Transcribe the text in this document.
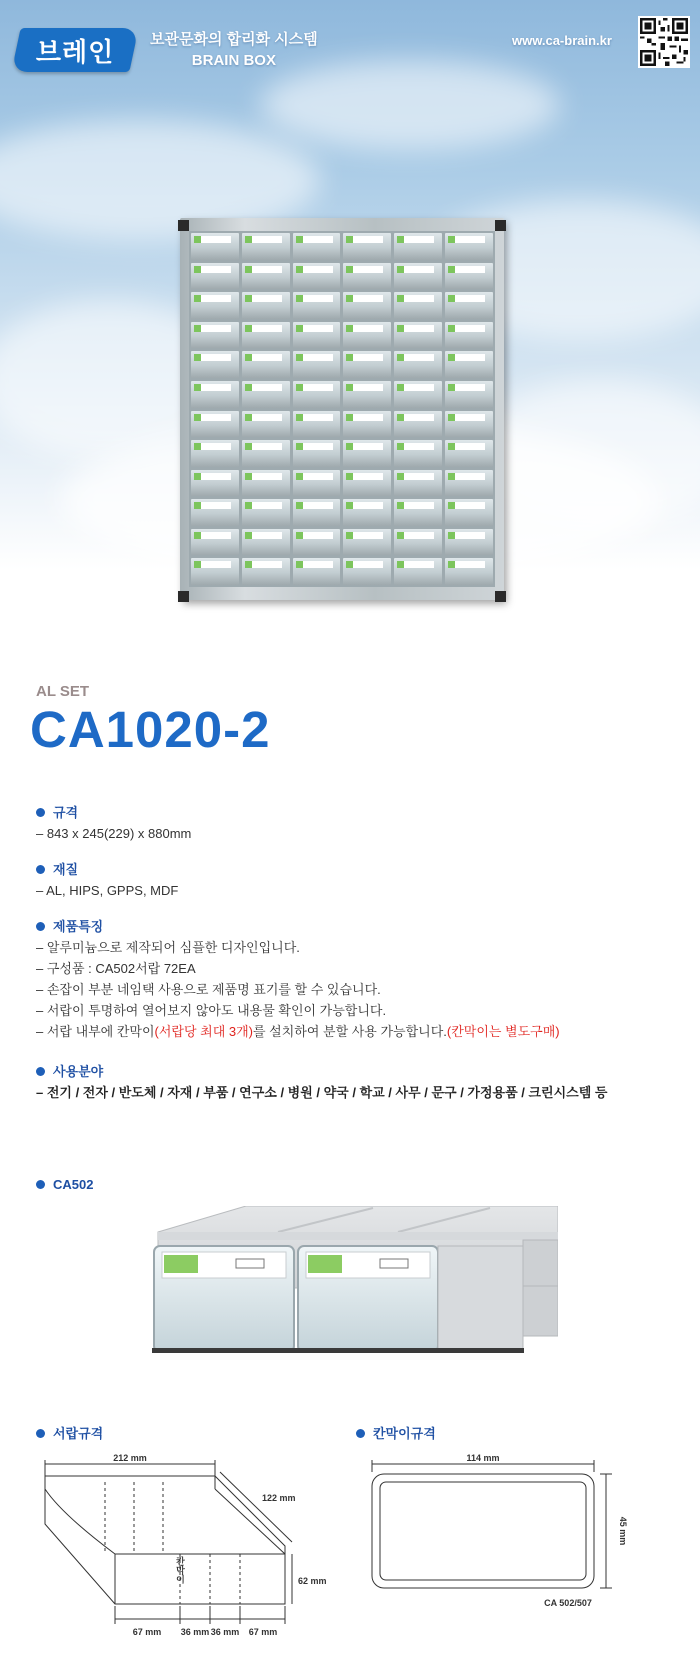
브레인 보관문화의 합리화 시스템
BRAIN BOX
www.ca-brain.kr
AL SET
CA1020-2
규격
– 843 x 245(229) x 880mm
재질
– AL, HIPS, GPPS, MDF
제품특징
– 알루미늄으로 제작되어 심플한 디자인입니다.
– 구성품 : CA502서랍 72EA
– 손잡이 부분 네임택 사용으로 제품명 표기를 할 수 있습니다.
– 서랍이 투명하여 열어보지 않아도 내용물 확인이 가능합니다.
– 서랍 내부에 칸막이(서랍당 최대 3개)를 설치하여 분할 사용 가능합니다.(칸막이는 별도구매)
사용분야
– 전기 / 전자 / 반도체 / 자재 / 부품 / 연구소 / 병원 / 약국 / 학교 / 사무 / 문구 / 가정용품 / 크린시스템 등
CA502
서랍규격	칸막이규격
212 mm
122 mm
62 mm
칸막이
67 mm 36 mm 36 mm 67 mm
114 mm
45 mm
CA 502/507
